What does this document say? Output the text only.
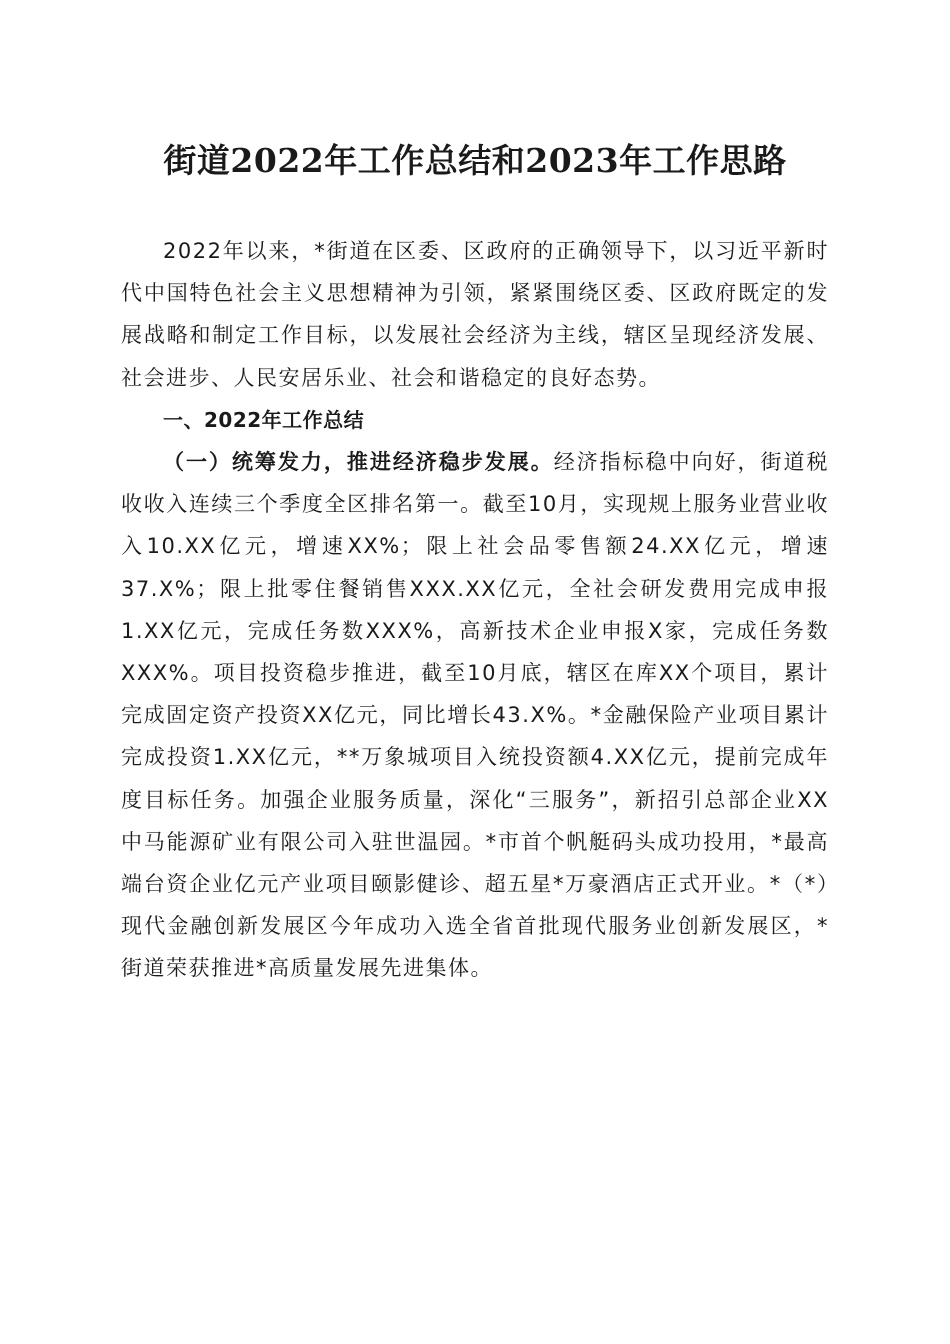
街道2022年工作总结和2023年工作思路

2022年以来，*街道在区委、区政府的正确领导下，以习近平新时代中国特色社会主义思想精神为引领，紧紧围绕区委、区政府既定的发展战略和制定工作目标，以发展社会经济为主线，辖区呈现经济发展、社会进步、人民安居乐业、社会和谐稳定的良好态势。

一、2022年工作总结

（一）统筹发力，推进经济稳步发展。经济指标稳中向好，街道税收收入连续三个季度全区排名第一。截至10月，实现规上服务业营业收入10.XX亿元，增速XX%；限上社会品零售额24.XX亿元，增速37.X%；限上批零住餐销售XXX.XX亿元，全社会研发费用完成申报1.XX亿元，完成任务数XXX%，高新技术企业申报X家，完成任务数XXX%。项目投资稳步推进，截至10月底，辖区在库XX个项目，累计完成固定资产投资XX亿元，同比增长43.X%。*金融保险产业项目累计完成投资1.XX亿元，**万象城项目入统投资额4.XX亿元，提前完成年度目标任务。加强企业服务质量，深化“三服务”，新招引总部企业XX中马能源矿业有限公司入驻世温园。*市首个帆艇码头成功投用，*最高端台资企业亿元产业项目颐影健诊、超五星*万豪酒店正式开业。*（*）现代金融创新发展区今年成功入选全省首批现代服务业创新发展区，*街道荣获推进*高质量发展先进集体。
